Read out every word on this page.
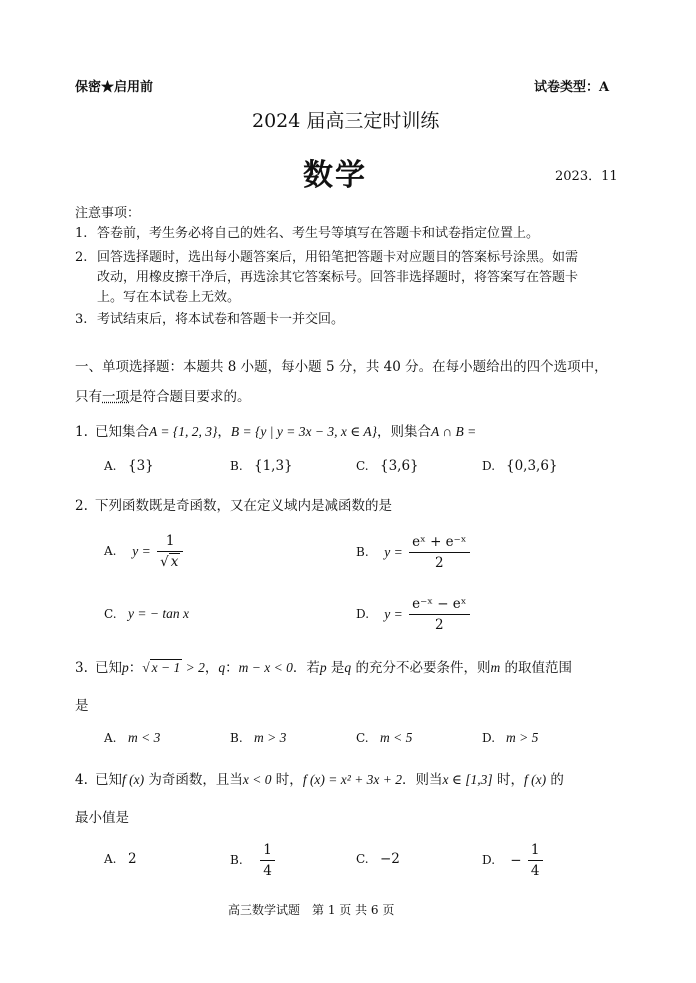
保密★启用前	试卷类型：A
2024 届高三定时训练
数学	2023．11
注意事项：
1. 答卷前，考生务必将自己的姓名、考生号等填写在答题卡和试卷指定位置上。
2. 回答选择题时，选出每小题答案后，用铅笔把答题卡对应题目的答案标号涂黑。如需
改动，用橡皮擦干净后，再选涂其它答案标号。回答非选择题时，将答案写在答题卡
上。写在本试卷上无效。
3. 考试结束后，将本试卷和答题卡一并交回。
一、单项选择题：本题共 8 小题，每小题 5 分，共 40 分。在每小题给出的四个选项中，
只有一项是符合题目要求的。
1. 已知集合A = {1, 2, 3}，B = {y | y = 3x − 3, x ∈ A}，则集合A ∩ B =
A. {3}	B. {1,3}	C. {3,6}	D. {0,3,6}
2. 下列函数既是奇函数，又在定义域内是减函数的是
A. $y = \frac{1}{√ x}$	B. $y = \frac{\text{eˣ + e⁻ˣ}}{2}$
C. y = − tan x	D. $y = \frac{\text{e⁻ˣ − eˣ}}{2}$
3. 已知p：√ x − 1 > 2，q：m − x < 0．若p 是q 的充分不必要条件，则m 的取值范围
是
A. m < 3	B. m > 3	C. m < 5	D. m > 5
4. 已知f (x) 为奇函数，且当x < 0 时，f (x) = x² + 3x + 2．则当x ∈ [1,3] 时，f (x) 的
最小值是
A. 2	B. $\frac{1}{4}$	C. −2	D. − $\frac{1}{4}$
高三数学试题　第 1 页 共 6 页
